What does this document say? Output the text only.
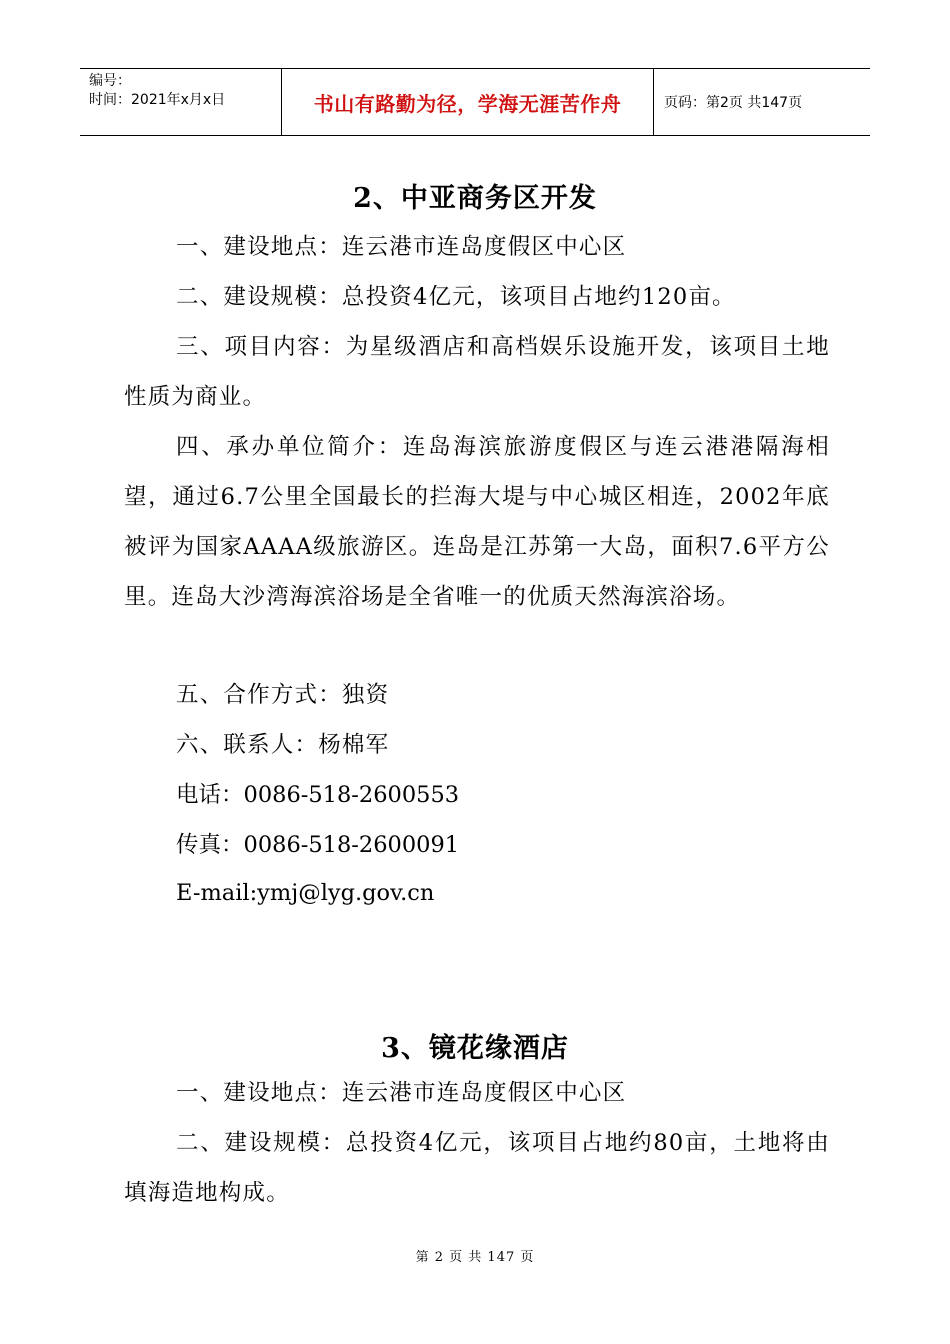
编号：
时间：2021年x月x日	书山有路勤为径，学海无涯苦作舟	页码：第2页 共147页
2、中亚商务区开发
一、建设地点：连云港市连岛度假区中心区
二、建设规模：总投资4亿元，该项目占地约120亩。

三、项目内容：为星级酒店和高档娱乐设施开发，该项目土地性质为商业。

四、承办单位简介：连岛海滨旅游度假区与连云港港隔海相望，通过6.7公里全国最长的拦海大堤与中心城区相连，2002年底被评为国家AAAA级旅游区。连岛是江苏第一大岛，面积7.6平方公里。连岛大沙湾海滨浴场是全省唯一的优质天然海滨浴场。

五、合作方式：独资
六、联系人：杨棉军
电话：0086-518-2600553
传真：0086-518-2600091
E-mail:ymj@lyg.gov.cn
3、镜花缘酒店
一、建设地点：连云港市连岛度假区中心区

二、建设规模：总投资4亿元，该项目占地约80亩，土地将由填海造地构成。

第 2 页 共 147 页
